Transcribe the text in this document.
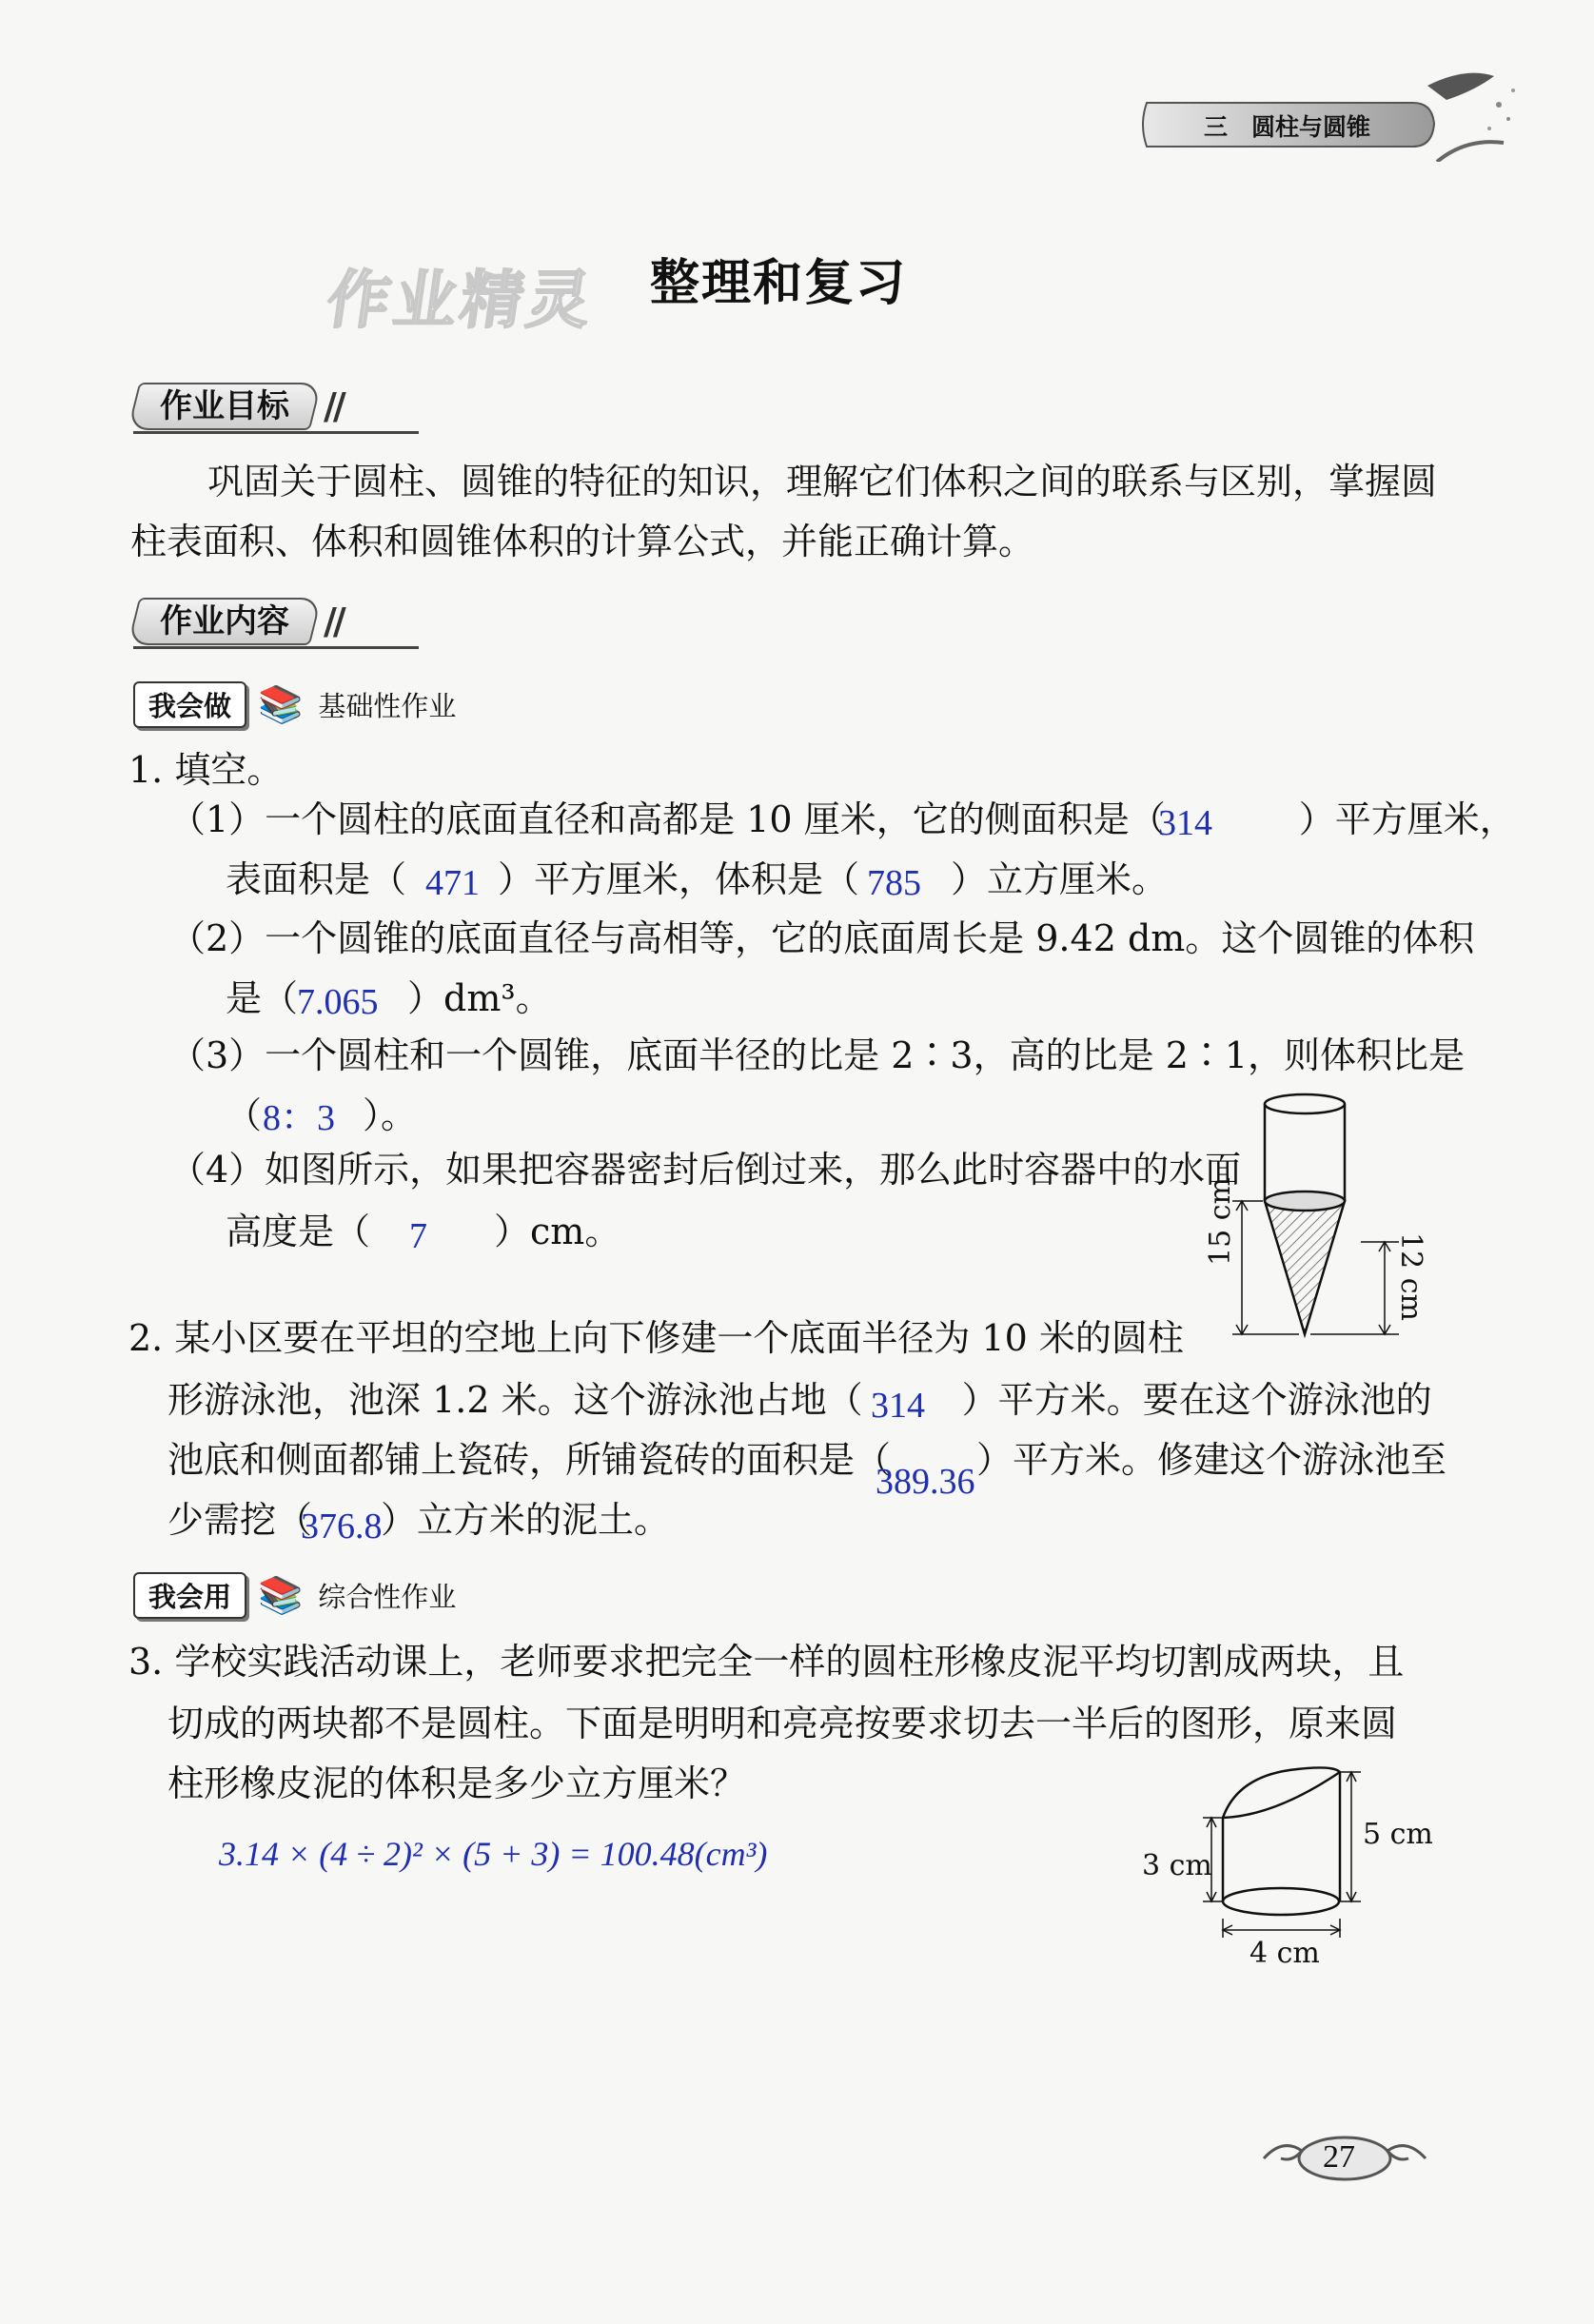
三　圆柱与圆锥
作业精灵 整理和复习
作业目标 //
巩固关于圆柱、圆锥的特征的知识，理解它们体积之间的联系与区别，掌握圆
柱表面积、体积和圆锥体积的计算公式，并能正确计算。
作业内容 //
我会做 📚 基础性作业
1. 填空。
（1）一个圆柱的底面直径和高都是 10 厘米，它的侧面积是（	）平方厘米，
314
表面积是（	）平方厘米，体积是（	）立方厘米。
471	785
（2）一个圆锥的底面直径与高相等，它的底面周长是 9.42 dm。这个圆锥的体积
是（	）dm³。
7.065
（3）一个圆柱和一个圆锥，底面半径的比是 2∶3，高的比是 2∶1，则体积比是
（	）。
8：3
（4）如图所示，如果把容器密封后倒过来，那么此时容器中的水面
高度是（	）cm。
7	15 cm
12 cm
2. 某小区要在平坦的空地上向下修建一个底面半径为 10 米的圆柱
形游泳池，池深 1.2 米。这个游泳池占地（	）平方米。要在这个游泳池的
314
池底和侧面都铺上瓷砖，所铺瓷砖的面积是（ ）平方米。修建这个游泳池至
389.36
少需挖（ ）立方米的泥土。
376.8
我会用 📚 综合性作业
3. 学校实践活动课上，老师要求把完全一样的圆柱形橡皮泥平均切割成两块，且
切成的两块都不是圆柱。下面是明明和亮亮按要求切去一半后的图形，原来圆
柱形橡皮泥的体积是多少立方厘米？
3.14 × (4 ÷ 2)² × (5 + 3) = 100.48(cm³)	3 cm
5 cm
4 cm
27
